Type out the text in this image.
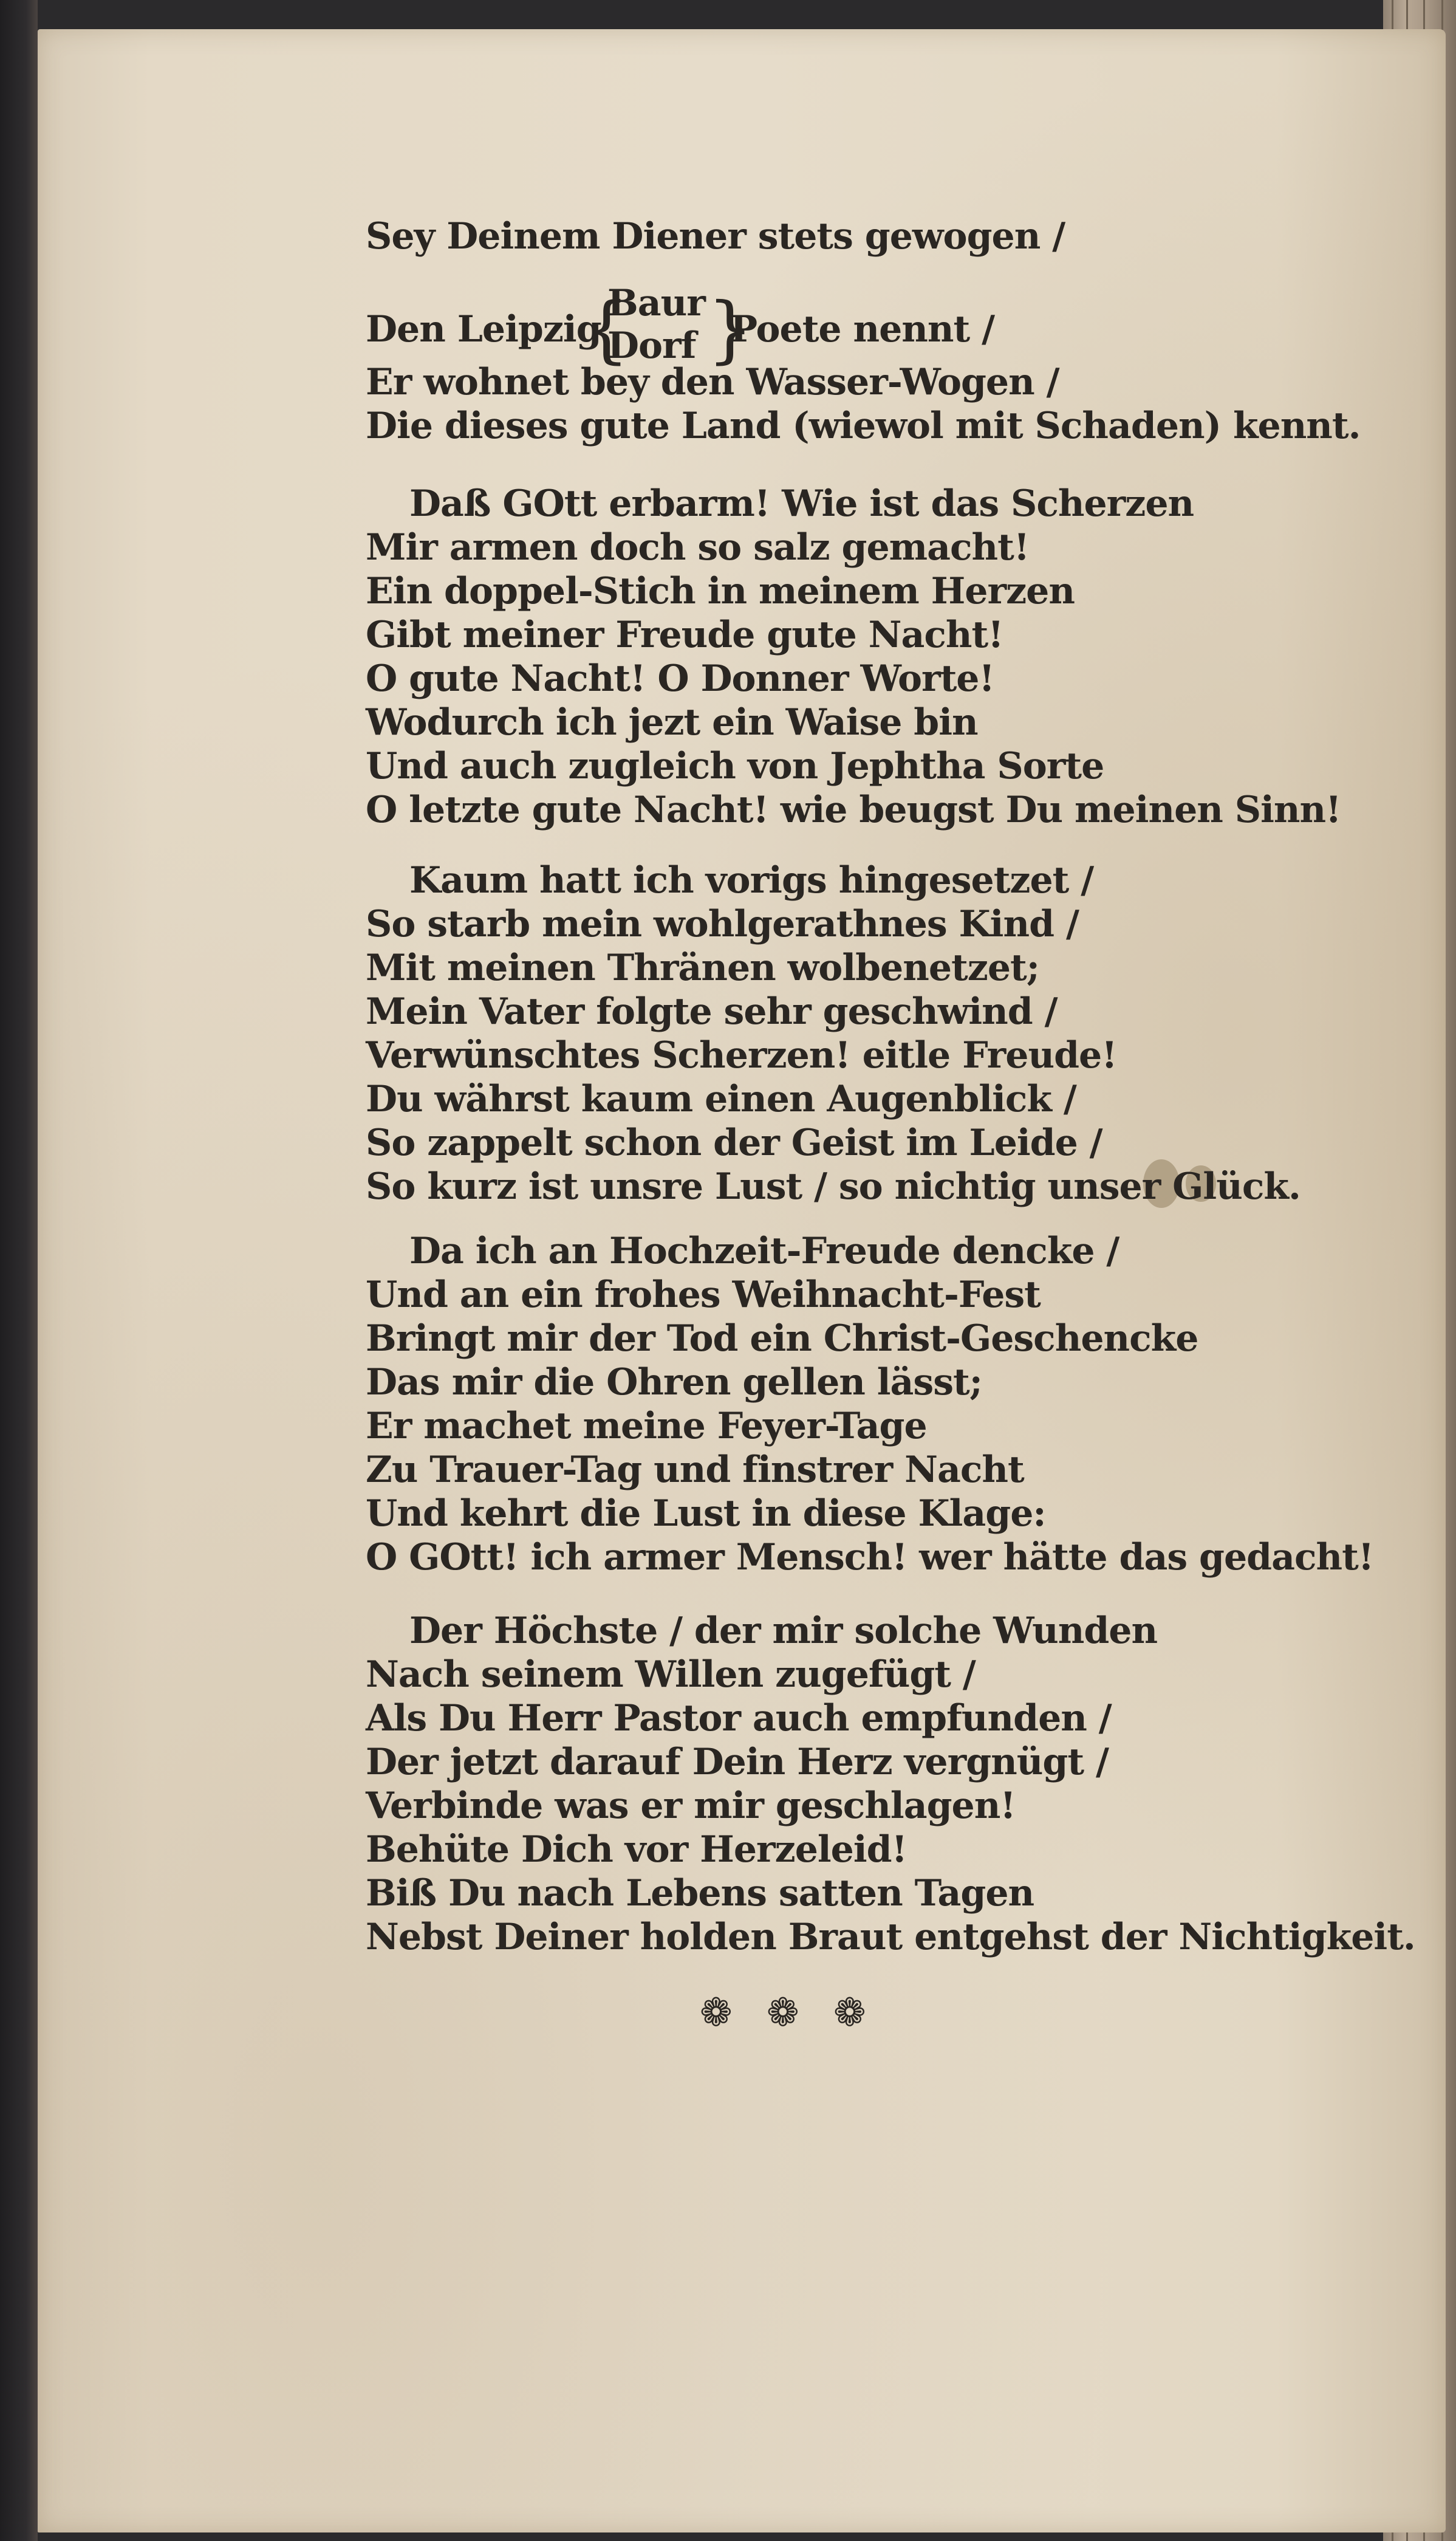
Sey Deinem Diener stets gewogen /
Den Leipzig
{
Baur
Dorf }
Poete nennt /
Er wohnet bey den Wasser-Wogen /
Die dieses gute Land (wiewol mit Schaden) kennt.
Daß GOtt erbarm! Wie ist das Scherzen
Mir armen doch so salz gemacht!
Ein doppel-Stich in meinem Herzen
Gibt meiner Freude gute Nacht!
O gute Nacht! O Donner Worte!
Wodurch ich jezt ein Waise bin
Und auch zugleich von Jephtha Sorte
O letzte gute Nacht! wie beugst Du meinen Sinn!
Kaum hatt ich vorigs hingesetzet /
So starb mein wohlgerathnes Kind /
Mit meinen Thränen wolbenetzet;
Mein Vater folgte sehr geschwind /
Verwünschtes Scherzen! eitle Freude!
Du währst kaum einen Augenblick /
So zappelt schon der Geist im Leide /
So kurz ist unsre Lust / so nichtig unser Glück.
Da ich an Hochzeit-Freude dencke /
Und an ein frohes Weihnacht-Fest
Bringt mir der Tod ein Christ-Geschencke
Das mir die Ohren gellen lässt;
Er machet meine Feyer-Tage
Zu Trauer-Tag und finstrer Nacht
Und kehrt die Lust in diese Klage:
O GOtt! ich armer Mensch! wer hätte das gedacht!
Der Höchste / der mir solche Wunden
Nach seinem Willen zugefügt /
Als Du Herr Pastor auch empfunden /
Der jetzt darauf Dein Herz vergnügt /
Verbinde was er mir geschlagen!
Behüte Dich vor Herzeleid!
Biß Du nach Lebens satten Tagen
Nebst Deiner holden Braut entgehst der Nichtigkeit.
❁ ❁ ❁
